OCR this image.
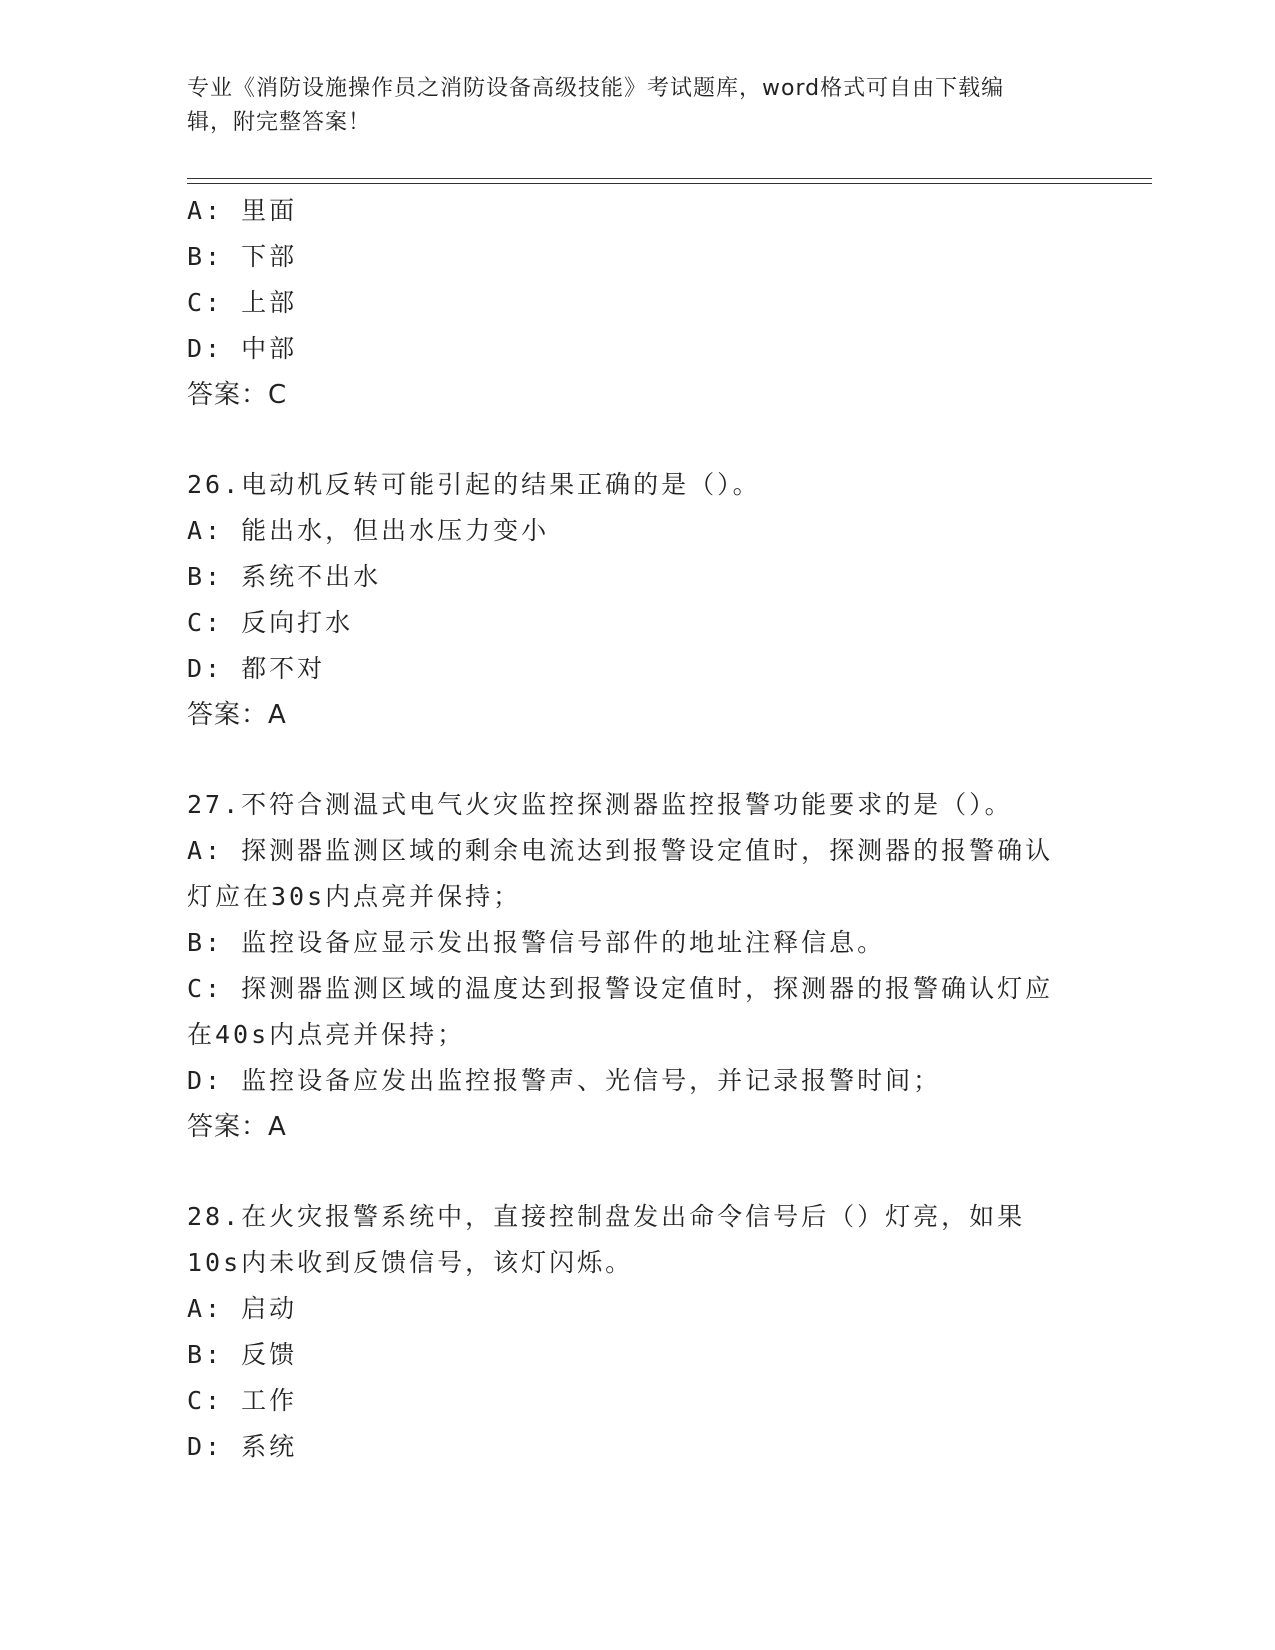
专业《消防设施操作员之消防设备高级技能》考试题库，word格式可自由下载编
辑，附完整答案！
A: 里面
B: 下部
C: 上部
D: 中部
答案：C
26.电动机反转可能引起的结果正确的是（）。
A: 能出水，但出水压力变小
B: 系统不出水
C: 反向打水
D: 都不对
答案：A
27.不符合测温式电气火灾监控探测器监控报警功能要求的是（）。
A: 探测器监测区域的剩余电流达到报警设定值时，探测器的报警确认
灯应在30s内点亮并保持；
B: 监控设备应显示发出报警信号部件的地址注释信息。
C: 探测器监测区域的温度达到报警设定值时，探测器的报警确认灯应
在40s内点亮并保持；
D: 监控设备应发出监控报警声、光信号，并记录报警时间；
答案：A
28.在火灾报警系统中，直接控制盘发出命令信号后（）灯亮，如果
10s内未收到反馈信号，该灯闪烁。
A: 启动
B: 反馈
C: 工作
D: 系统
